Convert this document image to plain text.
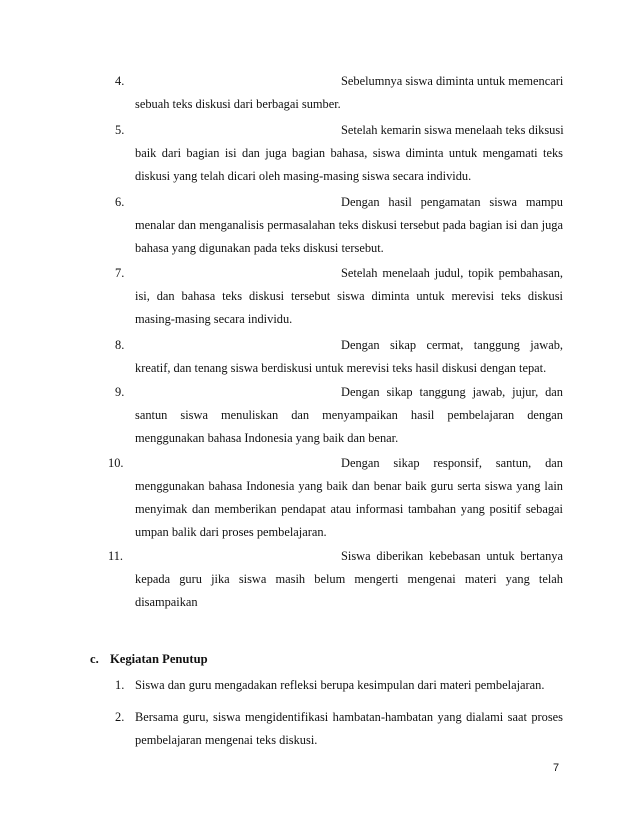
4.	Sebelumnya siswa diminta untuk memencari
sebuah teks diskusi dari berbagai sumber.
5.	Setelah kemarin siswa menelaah teks diksusi
baik dari bagian isi dan juga bagian bahasa, siswa diminta untuk mengamati teks
diskusi yang telah dicari oleh masing-masing siswa secara individu.
6.	Dengan hasil pengamatan siswa mampu
menalar dan menganalisis permasalahan teks diskusi tersebut pada bagian isi dan juga
bahasa yang digunakan pada teks diskusi tersebut.
7.	Setelah menelaah judul, topik pembahasan,
isi, dan bahasa teks diskusi tersebut siswa diminta untuk merevisi teks diskusi
masing-masing secara individu.
8.	Dengan sikap cermat, tanggung jawab,
kreatif, dan tenang siswa berdiskusi untuk merevisi teks hasil diskusi dengan tepat.
9.	Dengan sikap tanggung jawab, jujur, dan
santun siswa menuliskan dan menyampaikan hasil pembelajaran dengan
menggunakan bahasa Indonesia yang baik dan benar.
10.	Dengan sikap responsif, santun, dan
menggunakan bahasa Indonesia yang baik dan benar baik guru serta siswa yang lain
menyimak dan memberikan pendapat atau informasi tambahan yang positif sebagai
umpan balik dari proses pembelajaran.
11.	Siswa diberikan kebebasan untuk bertanya
kepada guru jika siswa masih belum mengerti mengenai materi yang telah
disampaikan
c. Kegiatan Penutup
1. Siswa dan guru mengadakan refleksi berupa kesimpulan dari materi pembelajaran.
2. Bersama guru, siswa mengidentifikasi hambatan-hambatan yang dialami saat proses
pembelajaran mengenai teks diskusi.
7
